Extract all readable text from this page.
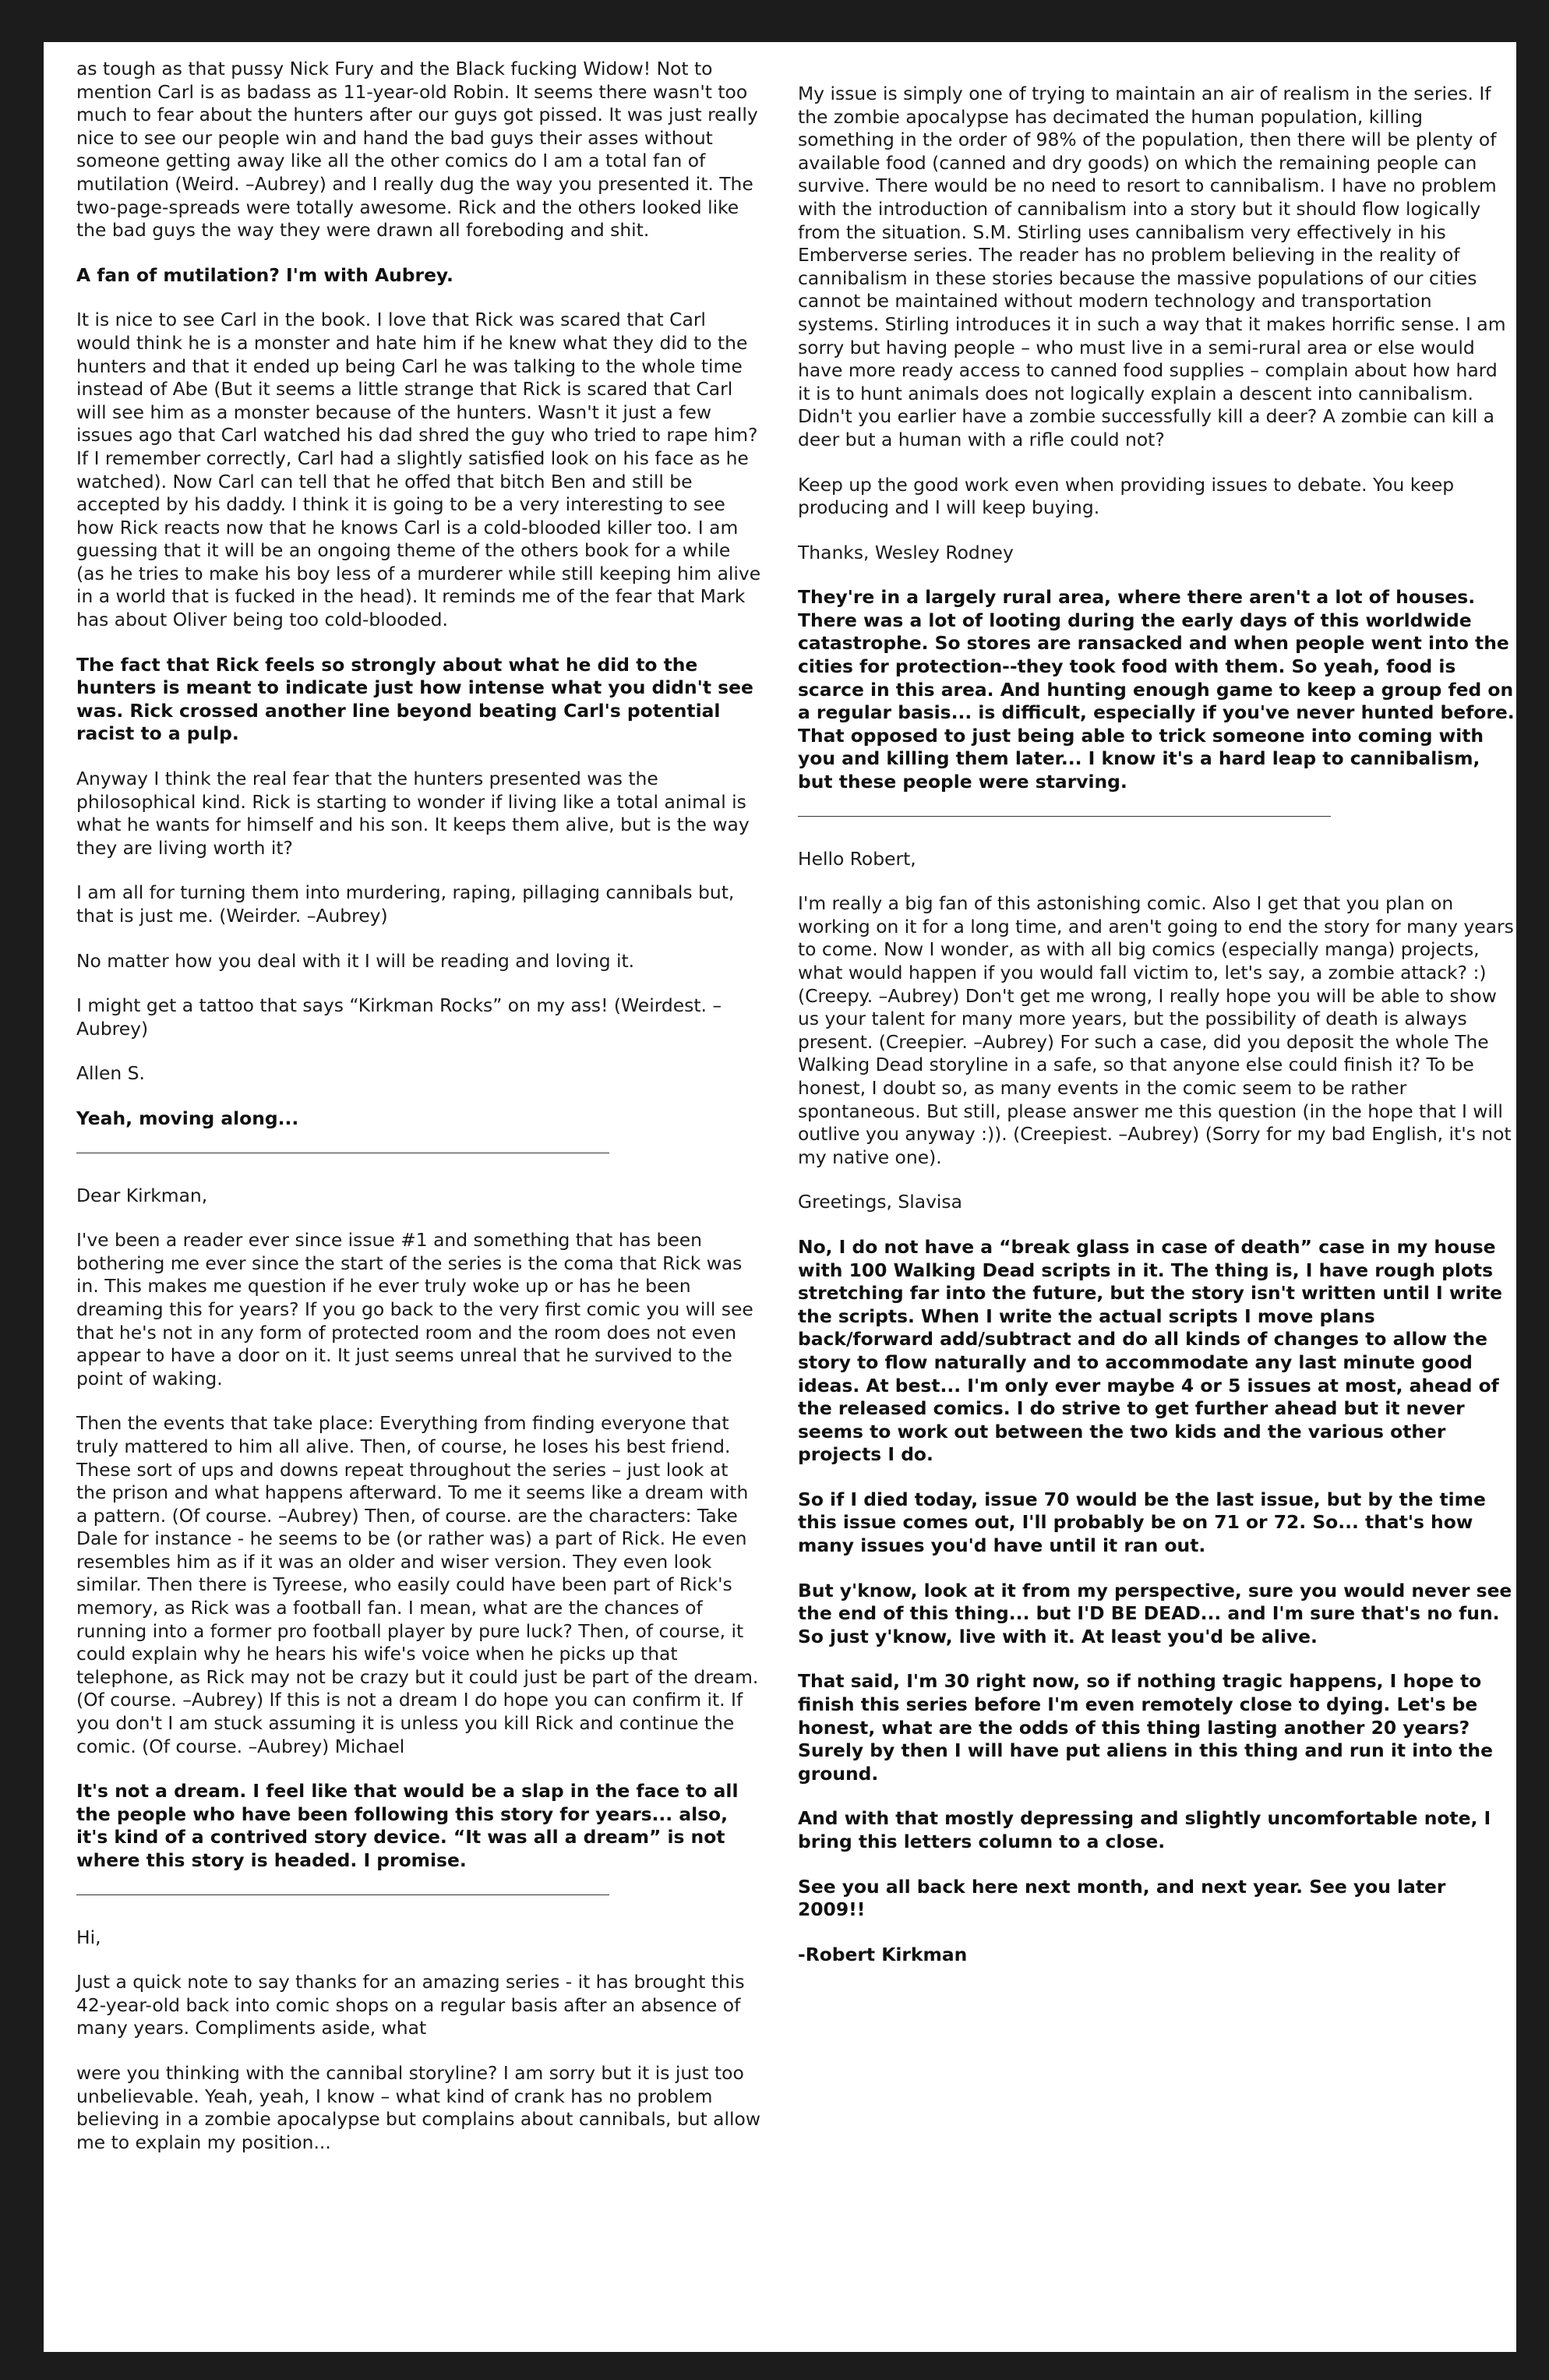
as tough as that pussy Nick Fury and the Black fucking Widow! Not to mention Carl is as badass as 11-year-old Robin. It seems there wasn't too much to fear about the hunters after our guys got pissed. It was just really nice to see our people win and hand the bad guys their asses without someone getting away like all the other comics do I am a total fan of mutilation (Weird. –Aubrey) and I really dug the way you presented it. The two-page-spreads were totally awesome. Rick and the others looked like the bad guys the way they were drawn all foreboding and shit.

A fan of mutilation? I'm with Aubrey.

It is nice to see Carl in the book. I love that Rick was scared that Carl would think he is a monster and hate him if he knew what they did to the hunters and that it ended up being Carl he was talking to the whole time instead of Abe (But it seems a little strange that Rick is scared that Carl will see him as a monster because of the hunters. Wasn't it just a few issues ago that Carl watched his dad shred the guy who tried to rape him? If I remember correctly, Carl had a slightly satisfied look on his face as he watched). Now Carl can tell that he offed that bitch Ben and still be accepted by his daddy. I think it is going to be a very interesting to see how Rick reacts now that he knows Carl is a cold-blooded killer too. I am guessing that it will be an ongoing theme of the others book for a while (as he tries to make his boy less of a murderer while still keeping him alive in a world that is fucked in the head). It reminds me of the fear that Mark has about Oliver being too cold-blooded.

The fact that Rick feels so strongly about what he did to the hunters is meant to indicate just how intense what you didn't see was. Rick crossed another line beyond beating Carl's potential racist to a pulp.

Anyway I think the real fear that the hunters presented was the philosophical kind. Rick is starting to wonder if living like a total animal is what he wants for himself and his son. It keeps them alive, but is the way they are living worth it?

I am all for turning them into murdering, raping, pillaging cannibals but, that is just me. (Weirder. –Aubrey)

No matter how you deal with it I will be reading and loving it.

I might get a tattoo that says “Kirkman Rocks” on my ass! (Weirdest. –Aubrey)

Allen S.

Yeah, moving along...

Dear Kirkman,

I've been a reader ever since issue #1 and something that has been bothering me ever since the start of the series is the coma that Rick was in. This makes me question if he ever truly woke up or has he been dreaming this for years? If you go back to the very first comic you will see that he's not in any form of protected room and the room does not even appear to have a door on it. It just seems unreal that he survived to the point of waking.

Then the events that take place: Everything from finding everyone that truly mattered to him all alive. Then, of course, he loses his best friend. These sort of ups and downs repeat throughout the series – just look at the prison and what happens afterward. To me it seems like a dream with a pattern. (Of course. –Aubrey) Then, of course. are the characters: Take Dale for instance - he seems to be (or rather was) a part of Rick. He even resembles him as if it was an older and wiser version. They even look similar. Then there is Tyreese, who easily could have been part of Rick's memory, as Rick was a football fan. I mean, what are the chances of running into a former pro football player by pure luck? Then, of course, it could explain why he hears his wife's voice when he picks up that telephone, as Rick may not be crazy but it could just be part of the dream. (Of course. –Aubrey) If this is not a dream I do hope you can confirm it. If you don't I am stuck assuming it is unless you kill Rick and continue the comic. (Of course. –Aubrey) Michael

It's not a dream. I feel like that would be a slap in the face to all the people who have been following this story for years... also, it's kind of a contrived story device. “It was all a dream” is not where this story is headed. I promise.

Hi,

Just a quick note to say thanks for an amazing series - it has brought this 42-year-old back into comic shops on a regular basis after an absence of many years. Compliments aside, what

were you thinking with the cannibal storyline? I am sorry but it is just too unbelievable. Yeah, yeah, I know – what kind of crank has no problem believing in a zombie apocalypse but complains about cannibals, but allow me to explain my position...

My issue is simply one of trying to maintain an air of realism in the series. If the zombie apocalypse has decimated the human population, killing something in the order of 98% of the population, then there will be plenty of available food (canned and dry goods) on which the remaining people can survive. There would be no need to resort to cannibalism. I have no problem with the introduction of cannibalism into a story but it should flow logically from the situation. S.M. Stirling uses cannibalism very effectively in his Emberverse series. The reader has no problem believing in the reality of cannibalism in these stories because the massive populations of our cities cannot be maintained without modern technology and transportation systems. Stirling introduces it in such a way that it makes horrific sense. I am sorry but having people – who must live in a semi-rural area or else would have more ready access to canned food supplies – complain about how hard it is to hunt animals does not logically explain a descent into cannibalism. Didn't you earlier have a zombie successfully kill a deer? A zombie can kill a deer but a human with a rifle could not?

Keep up the good work even when providing issues to debate. You keep producing and I will keep buying.

Thanks, Wesley Rodney

They're in a largely rural area, where there aren't a lot of houses. There was a lot of looting during the early days of this worldwide catastrophe. So stores are ransacked and when people went into the cities for protection--they took food with them. So yeah, food is scarce in this area. And hunting enough game to keep a group fed on a regular basis... is difficult, especially if you've never hunted before. That opposed to just being able to trick someone into coming with you and killing them later... I know it's a hard leap to cannibalism, but these people were starving.

Hello Robert,

I'm really a big fan of this astonishing comic. Also I get that you plan on working on it for a long time, and aren't going to end the story for many years to come. Now I wonder, as with all big comics (especially manga) projects, what would happen if you would fall victim to, let's say, a zombie attack? :) (Creepy. –Aubrey) Don't get me wrong, I really hope you will be able to show us your talent for many more years, but the possibility of death is always present. (Creepier. –Aubrey) For such a case, did you deposit the whole The Walking Dead storyline in a safe, so that anyone else could finish it? To be honest, I doubt so, as many events in the comic seem to be rather spontaneous. But still, please answer me this question (in the hope that I will outlive you anyway :)). (Creepiest. –Aubrey) (Sorry for my bad English, it's not my native one).

Greetings, Slavisa

No, I do not have a “break glass in case of death” case in my house with 100 Walking Dead scripts in it. The thing is, I have rough plots stretching far into the future, but the story isn't written until I write the scripts. When I write the actual scripts I move plans back/forward add/subtract and do all kinds of changes to allow the story to flow naturally and to accommodate any last minute good ideas. At best... I'm only ever maybe 4 or 5 issues at most, ahead of the released comics. I do strive to get further ahead but it never seems to work out between the two kids and the various other projects I do.

So if I died today, issue 70 would be the last issue, but by the time this issue comes out, I'll probably be on 71 or 72. So... that's how many issues you'd have until it ran out.

But y'know, look at it from my perspective, sure you would never see the end of this thing... but I'D BE DEAD... and I'm sure that's no fun. So just y'know, live with it. At least you'd be alive.

That said, I'm 30 right now, so if nothing tragic happens, I hope to finish this series before I'm even remotely close to dying. Let's be honest, what are the odds of this thing lasting another 20 years? Surely by then I will have put aliens in this thing and run it into the ground.

And with that mostly depressing and slightly uncomfortable note, I bring this letters column to a close.

See you all back here next month, and next year. See you later 2009!!

-Robert Kirkman
